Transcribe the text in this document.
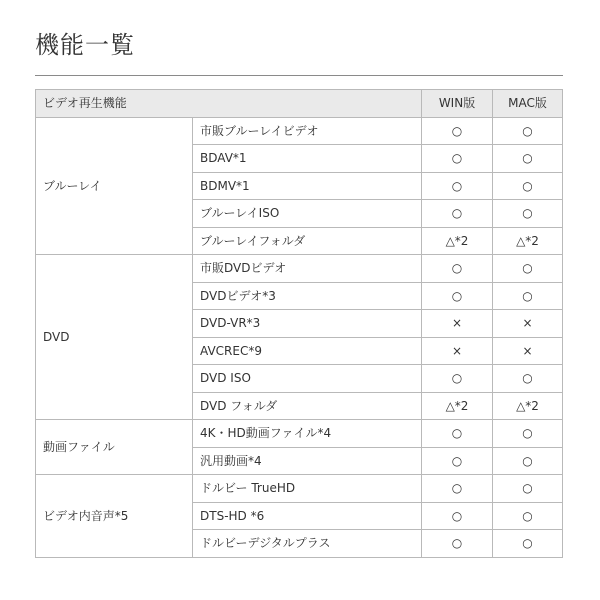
機能一覧
ビデオ再生機能		WIN版	MAC版
ブルーレイ	市販ブルーレイビデオ	○	○
	BDAV*1	○	○
	BDMV*1	○	○
	ブルーレイISO	○	○
	ブルーレイフォルダ	△*2	△*2
DVD	市販DVDビデオ	○	○
	DVDビデオ*3	○	○
	DVD-VR*3	×	×
	AVCREC*9	×	×
	DVD ISO	○	○
	DVD フォルダ	△*2	△*2
動画ファイル	4K・HD動画ファイル*4	○	○
	汎用動画*4	○	○
ビデオ内音声*5	ドルビー TrueHD	○	○
	DTS-HD *6	○	○
	ドルビーデジタルプラス	○	○
